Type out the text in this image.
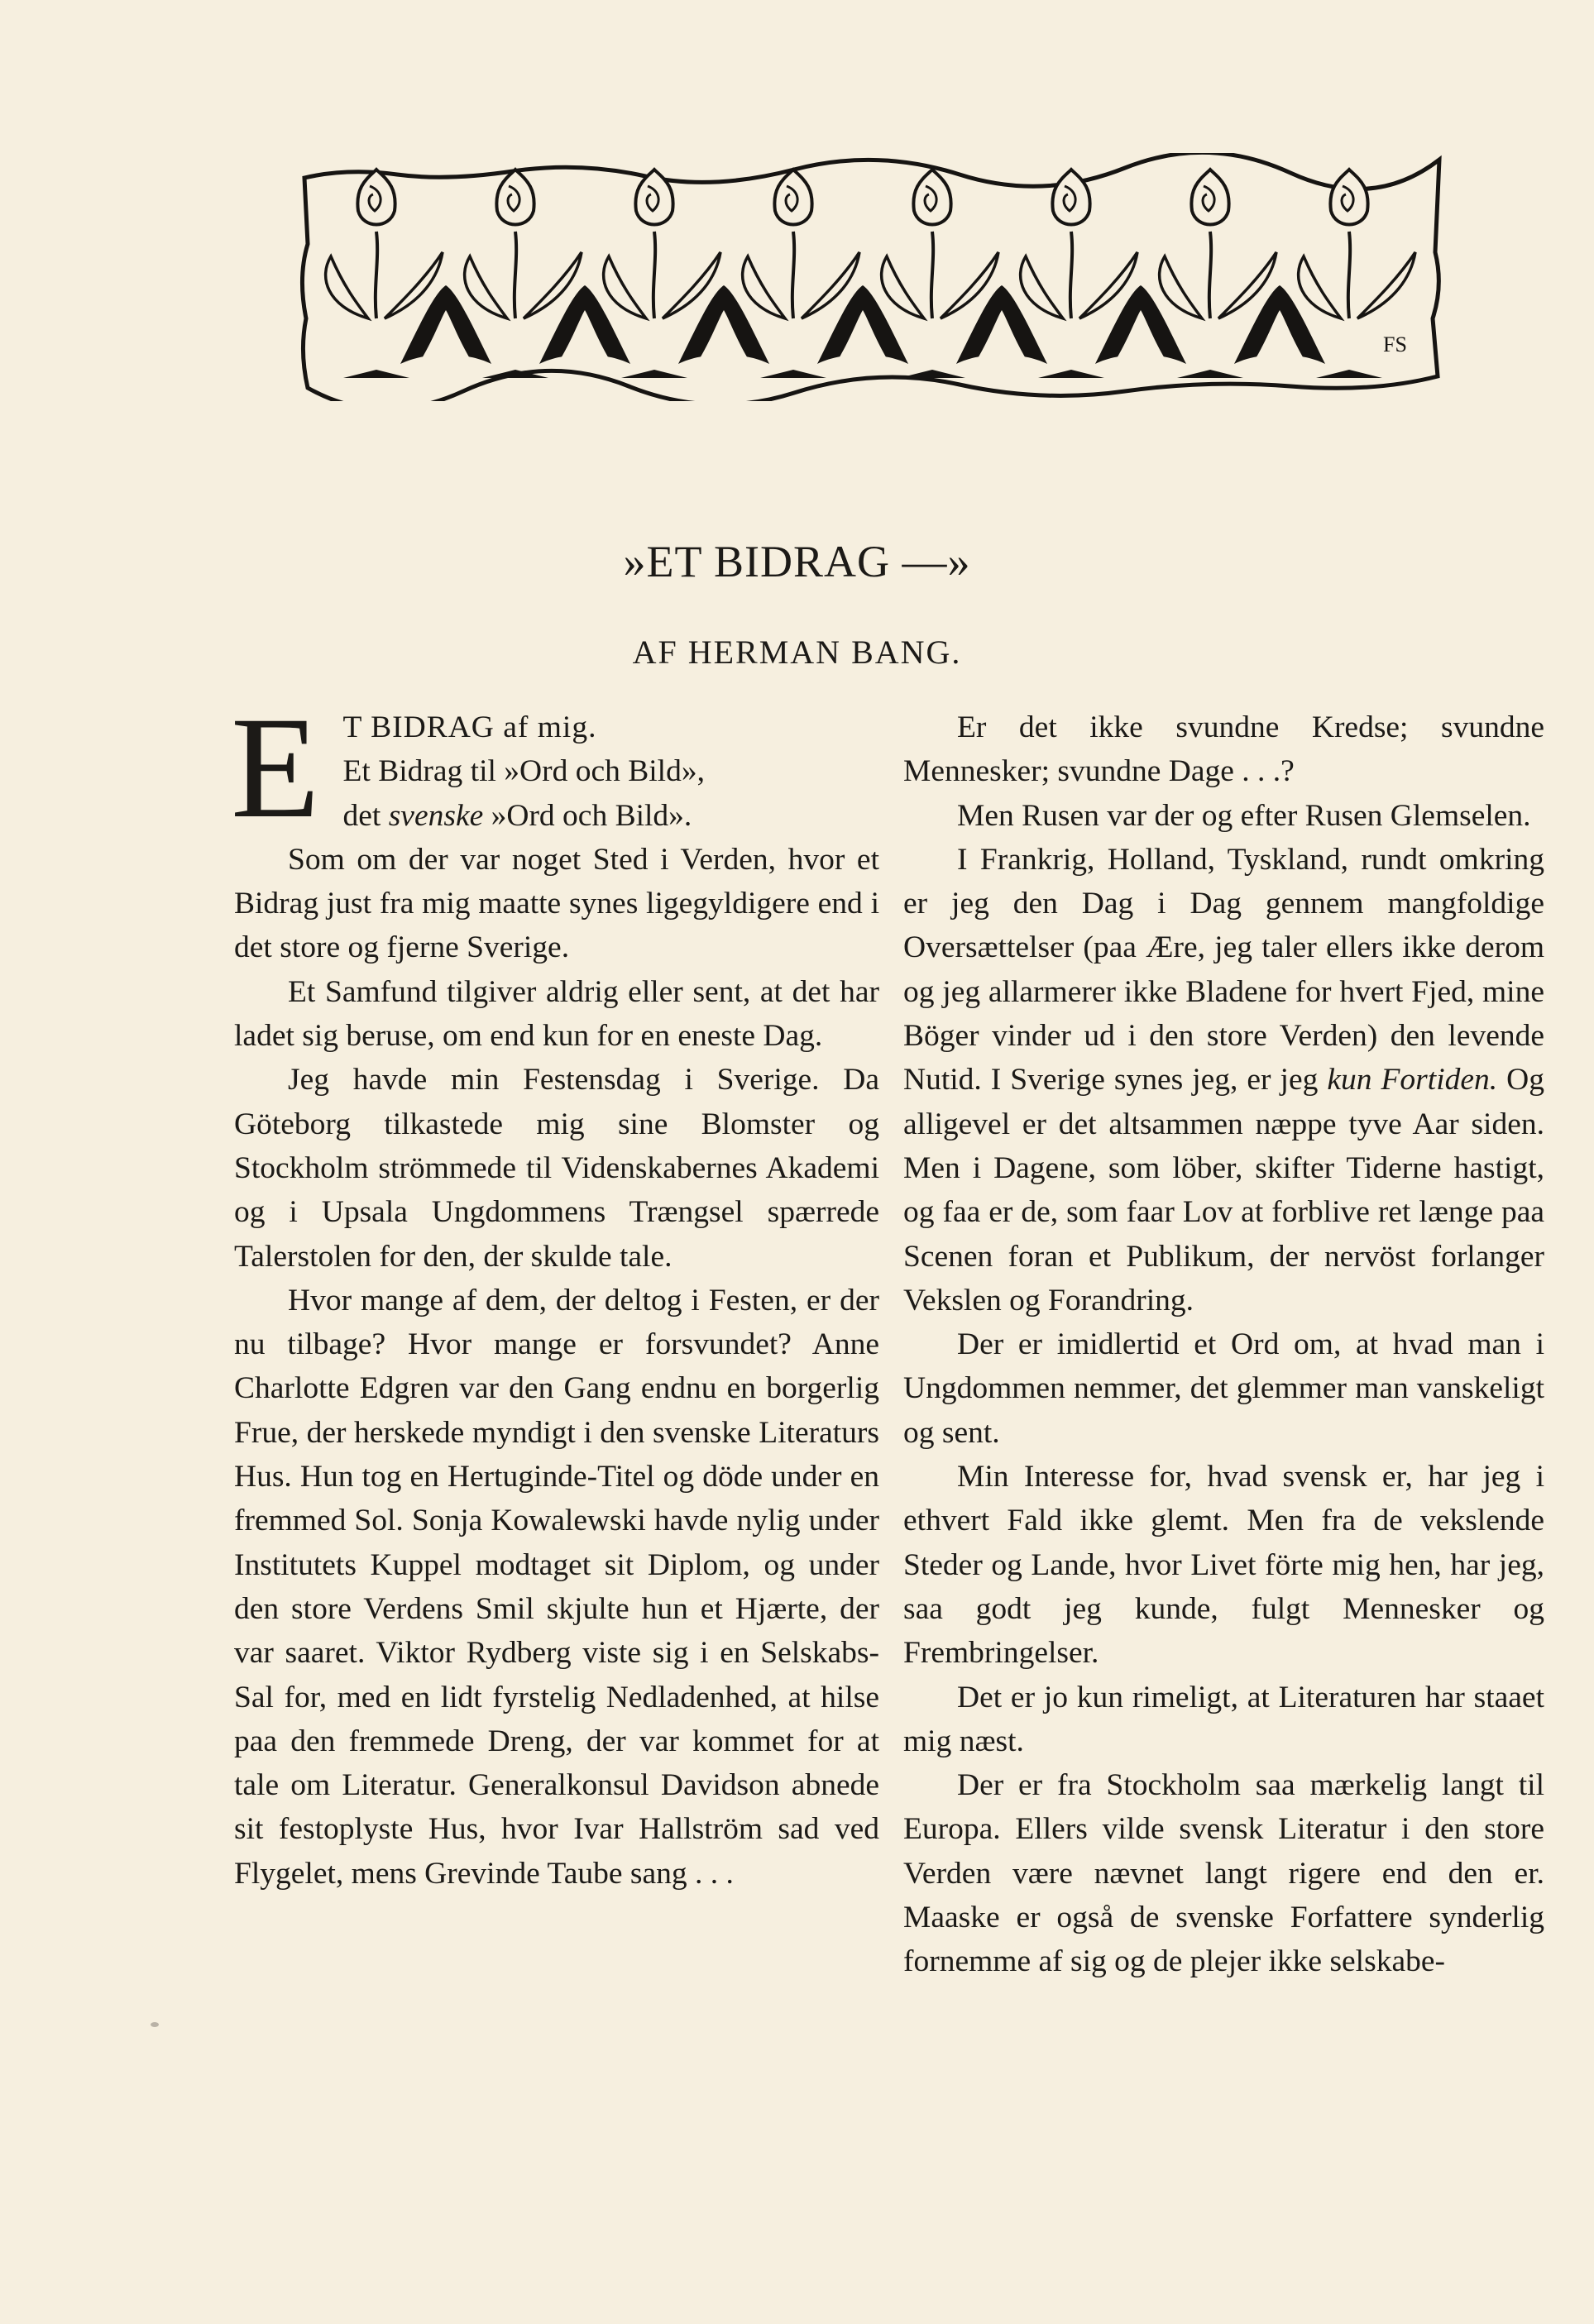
FS
»ET BIDRAG —»
AF HERMAN BANG.

E T BIDRAG af mig.
Et Bidrag til »Ord och Bild»,
det svenske »Ord och Bild».

Som om der var noget Sted i Verden, hvor et Bidrag just fra mig maatte synes ligegyldigere end i det store og fjerne Sverige.

Et Samfund tilgiver aldrig eller sent, at det har ladet sig beruse, om end kun for en eneste Dag.

Jeg havde min Festensdag i Sverige. Da Göteborg tilkastede mig sine Blomster og Stockholm strömmede til Videnskabernes Akademi og i Upsala Ungdommens Trængsel spærrede Talerstolen for den, der skulde tale.

Hvor mange af dem, der deltog i Festen, er der nu tilbage? Hvor mange er forsvundet? Anne Charlotte Edgren var den Gang endnu en borgerlig Frue, der herskede myndigt i den svenske Literaturs Hus. Hun tog en Hertuginde-Titel og döde under en fremmed Sol. Sonja Kowalewski havde nylig under Institutets Kuppel modtaget sit Diplom, og under den store Verdens Smil skjulte hun et Hjærte, der var saaret. Viktor Rydberg viste sig i en Selskabs-Sal for, med en lidt fyrstelig Nedladenhed, at hilse paa den fremmede Dreng, der var kommet for at tale om Literatur. Generalkonsul Davidson abnede sit festoplyste Hus, hvor Ivar Hallström sad ved Flygelet, mens Grevinde Taube sang . . .

Er det ikke svundne Kredse; svundne Mennesker; svundne Dage . . .?

Men Rusen var der og efter Rusen Glemselen.

I Frankrig, Holland, Tyskland, rundt omkring er jeg den Dag i Dag gennem mangfoldige Oversættelser (paa Ære, jeg taler ellers ikke derom og jeg allarmerer ikke Bladene for hvert Fjed, mine Böger vinder ud i den store Verden) den levende Nutid. I Sverige synes jeg, er jeg kun Fortiden. Og alligevel er det altsammen næppe tyve Aar siden. Men i Dagene, som löber, skifter Tiderne hastigt, og faa er de, som faar Lov at forblive ret længe paa Scenen foran et Publikum, der nervöst forlanger Vekslen og Forandring.

Der er imidlertid et Ord om, at hvad man i Ungdommen nemmer, det glemmer man vanskeligt og sent.

Min Interesse for, hvad svensk er, har jeg i ethvert Fald ikke glemt. Men fra de vekslende Steder og Lande, hvor Livet förte mig hen, har jeg, saa godt jeg kunde, fulgt Mennesker og Frembringelser.

Det er jo kun rimeligt, at Literaturen har staaet mig næst.

Der er fra Stockholm saa mærkelig langt til Europa. Ellers vilde svensk Literatur i den store Verden være nævnet langt rigere end den er. Maaske er også de svenske Forfattere synderlig fornemme af sig og de plejer ikke selskabe-
